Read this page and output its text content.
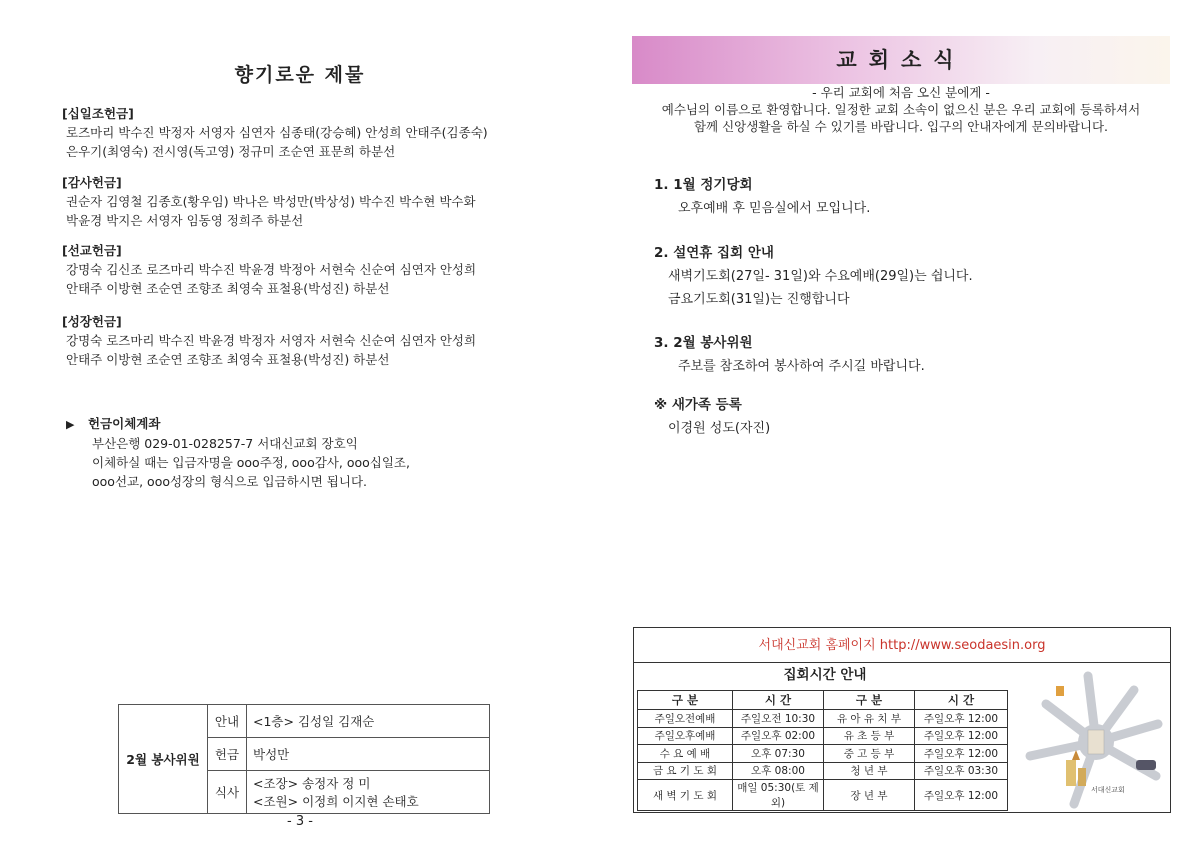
향기로운 제물
[십일조헌금]
로즈마리 박수진 박정자 서영자 심연자 심종태(강승혜) 안성희 안태주(김종숙)
은우기(최영숙) 전시영(독고영) 정규미 조순연 표문희 하분선
[감사헌금]
권순자 김영철 김종호(황우임) 박나은 박성만(박상성) 박수진 박수현 박수화
박윤경 박지은 서영자 임동영 정희주 하분선
[선교헌금]
강명숙 김신조 로즈마리 박수진 박윤경 박정아 서현숙 신순여 심연자 안성희
안태주 이방현 조순연 조향조 최영숙 표철용(박성진) 하분선
[성장헌금]
강명숙 로즈마리 박수진 박윤경 박정자 서영자 서현숙 신순여 심연자 안성희
안태주 이방현 조순연 조향조 최영숙 표철용(박성진) 하분선
▶ 헌금이체계좌
부산은행 029-01-028257-7 서대신교회 장호익
이체하실 때는 입금자명을 ooo주정, ooo감사, ooo십일조,
ooo선교, ooo성장의 형식으로 입금하시면 됩니다.
2월 봉사위원	안내	<1층> 김성일 김재순
	헌금	박성만
	식사	<조장> 송정자 정 미
<조원> 이정희 이지현 손태호
- 3 -
교회소식
- 우리 교회에 처음 오신 분에게 -
예수님의 이름으로 환영합니다. 일정한 교회 소속이 없으신 분은 우리 교회에 등록하셔서
함께 신앙생활을 하실 수 있기를 바랍니다. 입구의 안내자에게 문의바랍니다.
1. 1월 정기당회
오후예배 후 믿음실에서 모입니다.
2. 설연휴 집회 안내
새벽기도회(27일- 31일)와 수요예배(29일)는 쉽니다.
금요기도회(31일)는 진행합니다
3. 2월 봉사위원
주보를 참조하여 봉사하여 주시길 바랍니다.
※ 새가족 등록
이경원 성도(자진)
서대신교회 홈페이지 http://www.seodaesin.org
집회시간 안내
구 분	시 간	구 분	시 간
주일오전예배	주일오전 10:30	유 아 유 치 부	주일오후 12:00
주일오후예배	주일오후 02:00	유 초 등 부	주일오후 12:00
수 요 예 배	오후 07:30	중 고 등 부	주일오후 12:00
금 요 기 도 회	오후 08:00	청 년 부	주일오후 03:30
새 벽 기 도 회	매일 05:30(토 제외)	장 년 부	주일오후 12:00	서대신교회
